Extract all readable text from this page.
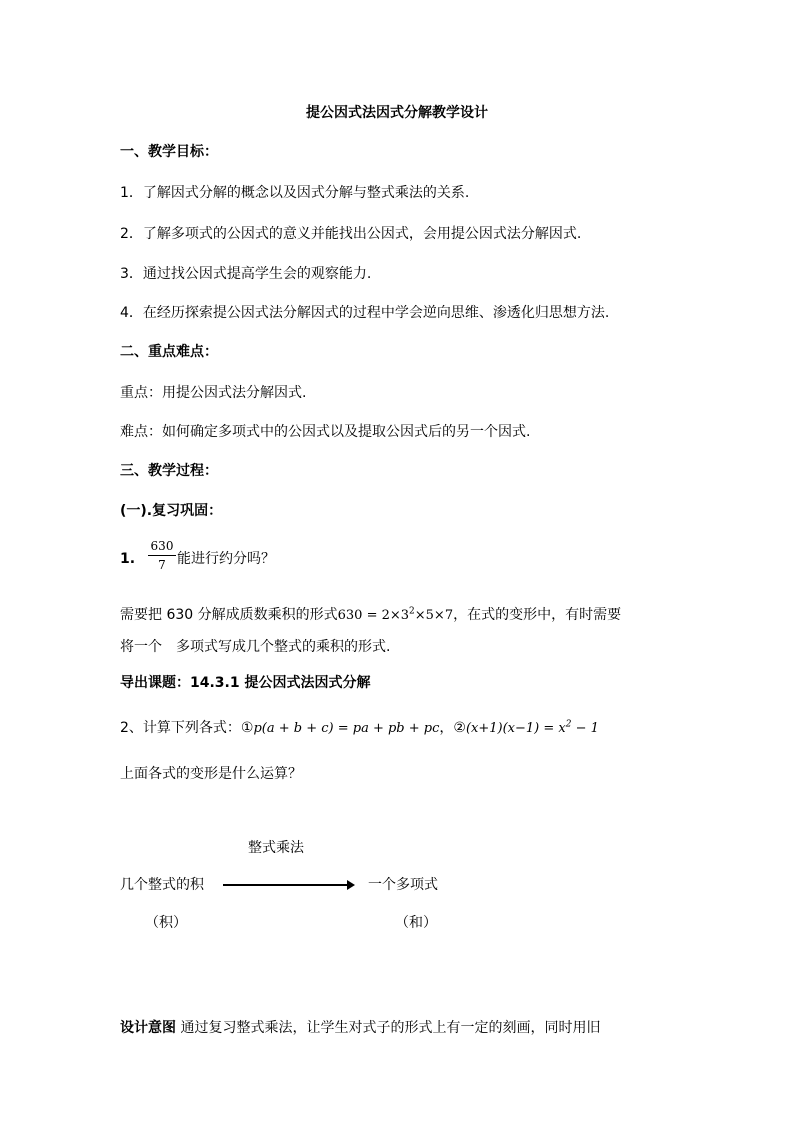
提公因式法因式分解教学设计
一、教学目标：
1．了解因式分解的概念以及因式分解与整式乘法的关系.
2．了解多项式的公因式的意义并能找出公因式，会用提公因式法分解因式.
3．通过找公因式提高学生会的观察能力.
4．在经历探索提公因式法分解因式的过程中学会逆向思维、渗透化归思想方法.
二、重点难点：
重点：用提公因式法分解因式.
难点：如何确定多项式中的公因式以及提取公因式后的另一个因式.
三、教学过程：
(一).复习巩固：
1.
630
7 能进行约分吗？
需要把 630 分解成质数乘积的形式$630 = 2\times 3^2\times 5\times 7$，在式的变形中，有时需要
将一个　多项式写成几个整式的乘积的形式.
导出课题：14.3.1 提公因式法因式分解
2、计算下列各式：①p(a + b + c) = pa + pb + pc，②(x+1)(x−1) = $x^2 - 1$
上面各式的变形是什么运算？
整式乘法
几个整式的积	一个多项式
（积）	（和）
设计意图 通过复习整式乘法，让学生对式子的形式上有一定的刻画，同时用旧
